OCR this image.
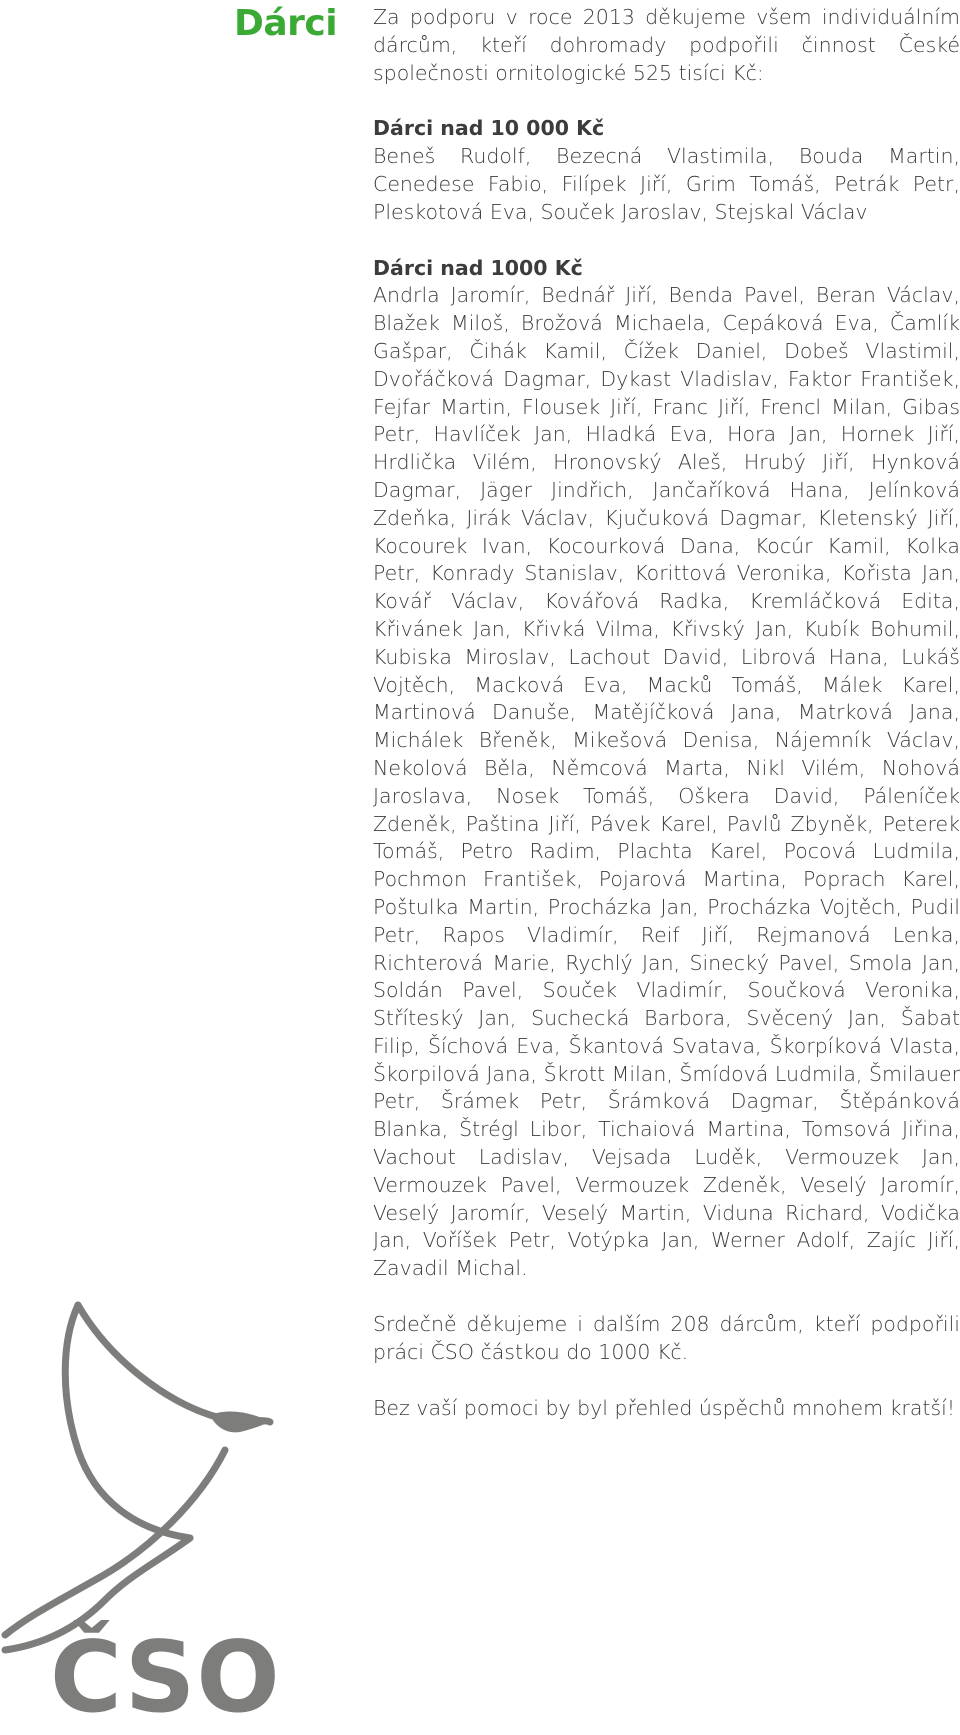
Dárci Za podporu v roce 2013 děkujeme všem individuálním dárcům, kteří dohromady podpořili činnost České společnosti ornitologické 525 tisíci Kč:

Dárci nad 10 000 Kč

Beneš Rudolf, Bezecná Vlastimila, Bouda Martin, Cenedese Fabio, Filípek Jiří, Grim Tomáš, Petrák Petr, Pleskotová Eva, Souček Jaroslav, Stejskal Václav

Dárci nad 1000 Kč

Andrla Jaromír, Bednář Jiří, Benda Pavel, Beran Václav, Blažek Miloš, Brožová Michaela, Cepáková Eva, Čamlík Gašpar, Čihák Kamil, Čížek Daniel, Dobeš Vlastimil, Dvořáčková Dagmar, Dykast Vladislav, Faktor František, Fejfar Martin, Flousek Jiří, Franc Jiří, Frencl Milan, Gibas Petr, Havlíček Jan, Hladká Eva, Hora Jan, Hornek Jiří, Hrdlička Vilém, Hronovský Aleš, Hrubý Jiří, Hynková Dagmar, Jäger Jindřich, Jančaříková Hana, Jelínková Zdeňka, Jirák Václav, Kjučuková Dagmar, Kletenský Jiří, Kocourek Ivan, Kocourková Dana, Kocúr Kamil, Kolka Petr, Konrady Stanislav, Korittová Veronika, Kořista Jan, Kovář Václav, Kovářová Radka, Kremláčková Edita, Křivánek Jan, Křivká Vilma, Křivský Jan, Kubík Bohumil, Kubiska Miroslav, Lachout David, Librová Hana, Lukáš Vojtěch, Macková Eva, Macků Tomáš, Málek Karel, Martinová Danuše, Matějíčková Jana, Matrková Jana, Michálek Břeněk, Mikešová Denisa, Nájemník Václav, Nekolová Běla, Němcová Marta, Nikl Vilém, Nohová Jaroslava, Nosek Tomáš, Oškera David, Páleníček Zdeněk, Paština Jiří, Pávek Karel, Pavlů Zbyněk, Peterek Tomáš, Petro Radim, Plachta Karel, Pocová Ludmila, Pochmon František, Pojarová Martina, Poprach Karel, Poštulka Martin, Procházka Jan, Procházka Vojtěch, Pudil Petr, Rapos Vladimír, Reif Jiří, Rejmanová Lenka, Richterová Marie, Rychlý Jan, Sinecký Pavel, Smola Jan, Soldán Pavel, Souček Vladimír, Součková Veronika, Stříteský Jan, Suchecká Barbora, Svěcený Jan, Šabat Filip, Šíchová Eva, Škantová Svatava, Škorpíková Vlasta, Škorpilová Jana, Škrott Milan, Šmídová Ludmila, Šmilauer Petr, Šrámek Petr, Šrámková Dagmar, Štěpánková Blanka, Štrégl Libor, Tichaiová Martina, Tomsová Jiřina, Vachout Ladislav, Vejsada Luděk, Vermouzek Jan, Vermouzek Pavel, Vermouzek Zdeněk, Veselý Jaromír, Veselý Jaromír, Veselý Martin, Viduna Richard, Vodička Jan, Voříšek Petr, Votýpka Jan, Werner Adolf, Zajíc Jiří, Zavadil Michal.

Srdečně děkujeme i dalším 208 dárcům, kteří podpořili práci ČSO částkou do 1000 Kč.

Bez vaší pomoci by byl přehled úspěchů mnohem kratší!

ČSO
